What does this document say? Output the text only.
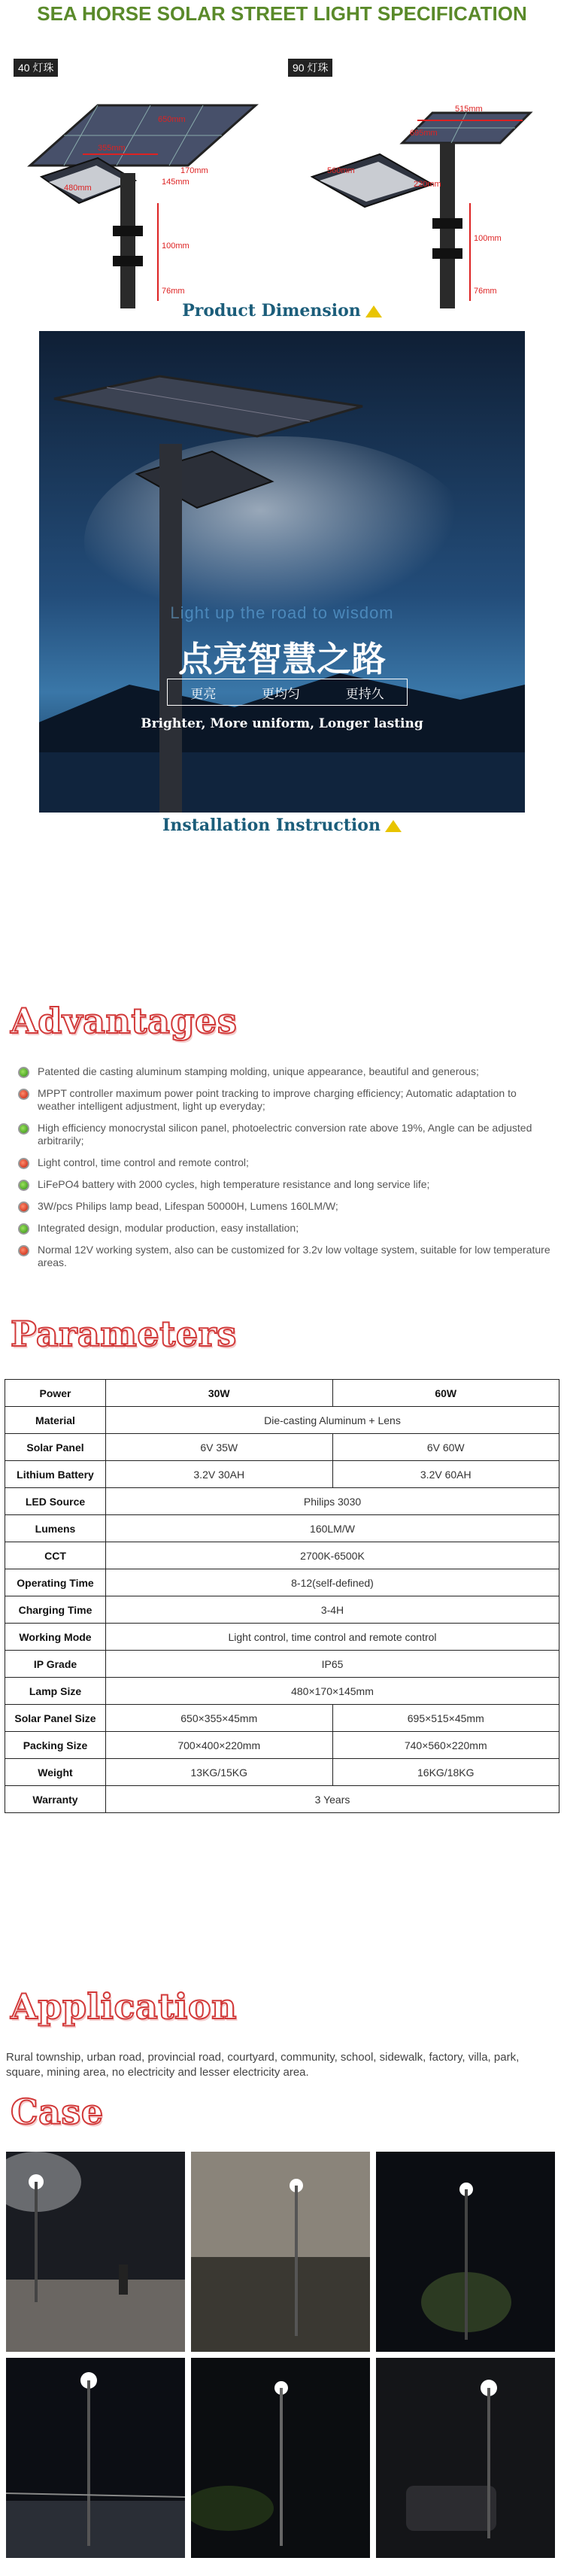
SEA HORSE SOLAR STREET LIGHT SPECIFICATION
650mm
355mm
480mm
145mm
170mm
76mm
100mm
40 灯珠
515mm
695mm
560mm
220mm
76mm
100mm
90 灯珠
Product Dimension
Light up the road to wisdom
点亮智慧之路
更亮	更均匀	更持久
Brighter, More uniform, Longer lasting
Installation Instruction
Advantages
Patented die casting aluminum stamping molding, unique appearance, beautiful and generous;
MPPT controller maximum power point tracking to improve charging efficiency; Automatic adaptation to weather intelligent adjustment, light up everyday;
High efficiency monocrystal silicon panel, photoelectric conversion rate above 19%, Angle can be adjusted arbitrarily;
Light control, time control and remote control;
LiFePO4 battery with 2000 cycles, high temperature resistance and long service life;
3W/pcs Philips lamp bead, Lifespan 50000H, Lumens 160LM/W;
Integrated design, modular production, easy installation;
Normal 12V working system, also can be customized for 3.2v low voltage system, suitable for low temperature areas.
Parameters
Power	30W	60W
Material	Die-casting Aluminum + Lens	
Solar Panel	6V 35W	6V 60W
Lithium Battery	3.2V 30AH	3.2V 60AH
LED Source	Philips 3030	
Lumens	160LM/W	
CCT	2700K-6500K	
Operating Time	8-12(self-defined)	
Charging Time	3-4H	
Working Mode	Light control, time control and remote control	
IP Grade	IP65	
Lamp Size	480×170×145mm	
Solar Panel Size	650×355×45mm	695×515×45mm
Packing Size	700×400×220mm	740×560×220mm
Weight	13KG/15KG	16KG/18KG
Warranty	3 Years	
Application
Rural township, urban road, provincial road, courtyard, community, school, sidewalk, factory, villa, park, square, mining area, no electricity and lesser electricity area.
Case
